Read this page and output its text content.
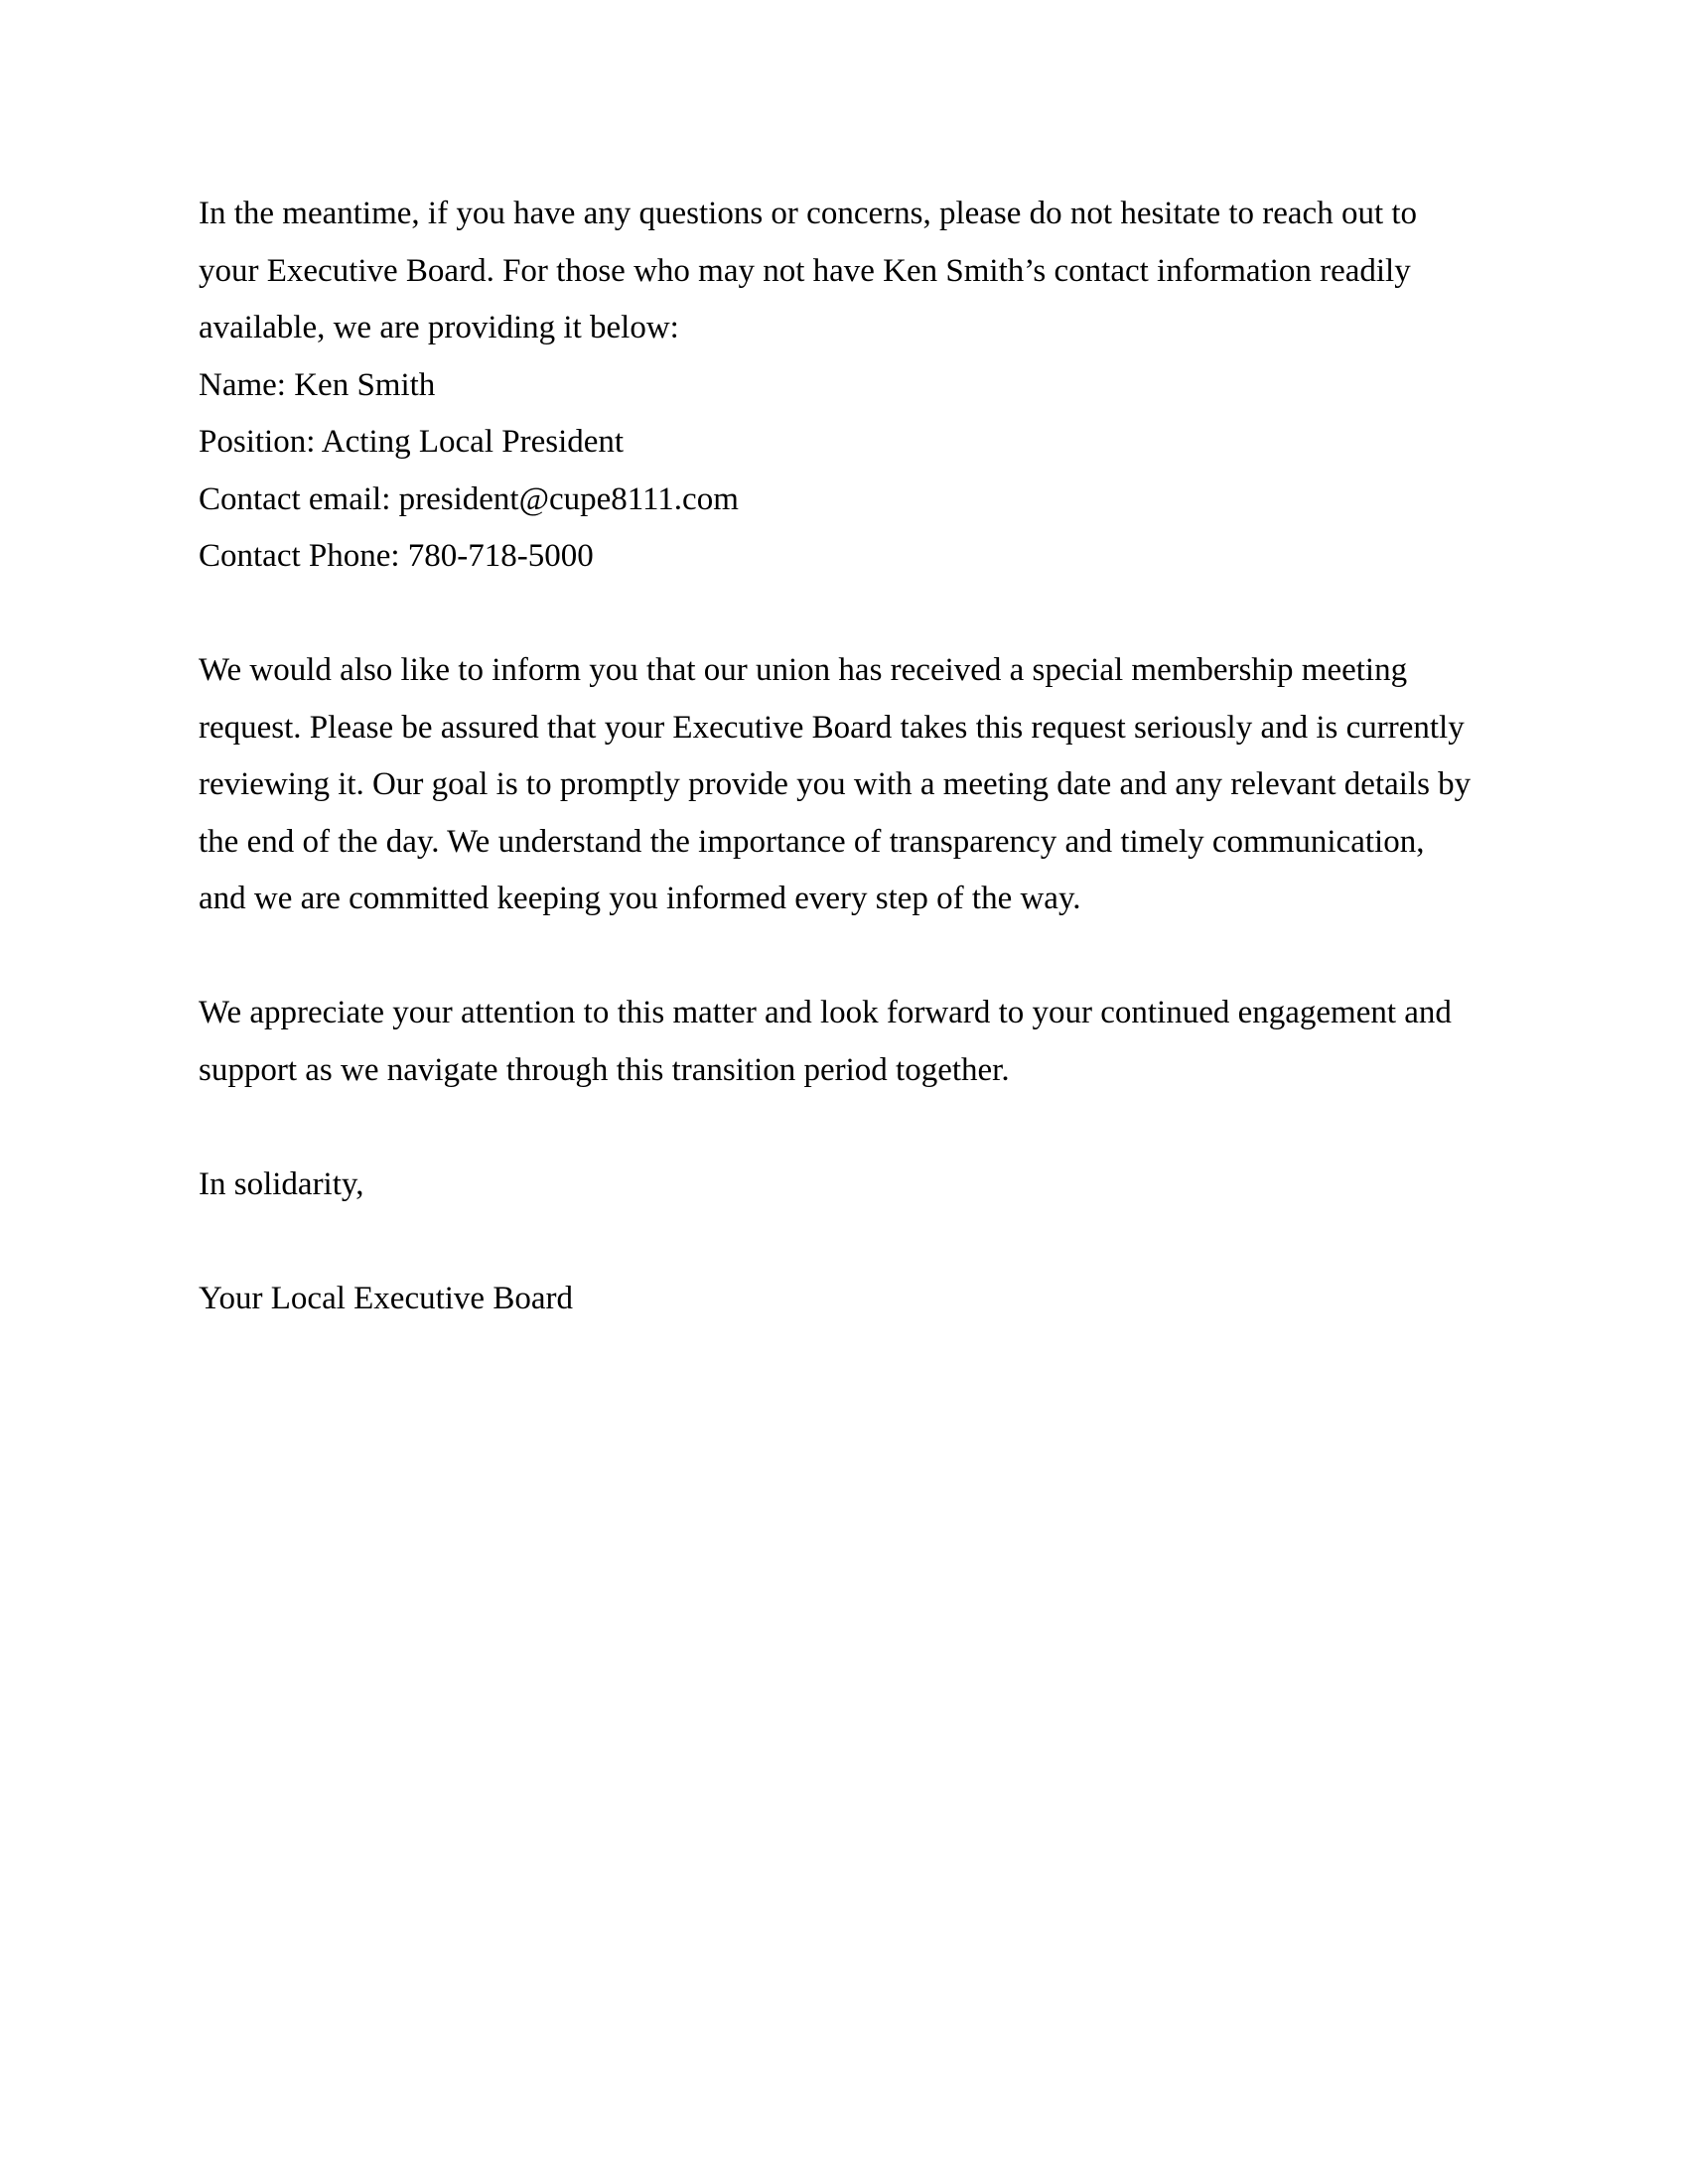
In the meantime, if you have any questions or concerns, please do not hesitate to reach out to
your Executive Board. For those who may not have Ken Smith’s contact information readily
available, we are providing it below:
Name: Ken Smith
Position: Acting Local President
Contact email: president@cupe8111.com
Contact Phone: 780-718-5000
We would also like to inform you that our union has received a special membership meeting
request. Please be assured that your Executive Board takes this request seriously and is currently
reviewing it. Our goal is to promptly provide you with a meeting date and any relevant details by
the end of the day. We understand the importance of transparency and timely communication,
and we are committed keeping you informed every step of the way.
We appreciate your attention to this matter and look forward to your continued engagement and
support as we navigate through this transition period together.
In solidarity,
Your Local Executive Board
